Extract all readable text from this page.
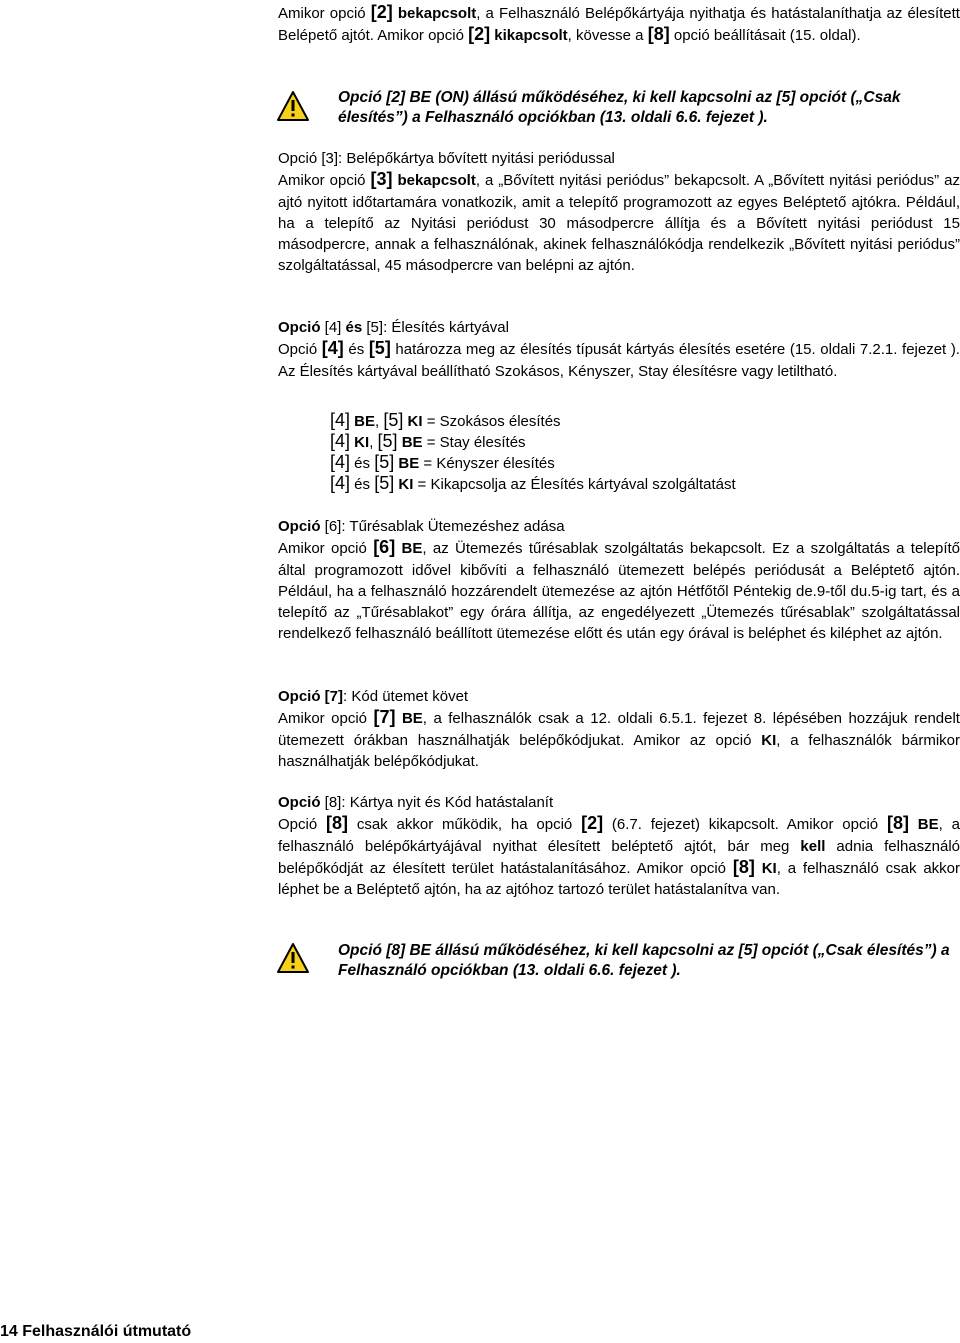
Amikor opció [2] bekapcsolt, a Felhasználó Belépőkártyája nyithatja és hatástalaníthatja az élesített Belépető ajtót. Amikor opció [2] kikapcsolt, kövesse a [8] opció beállításait (15. oldal).
Opció [2] BE (ON) állású működéséhez, ki kell kapcsolni az [5] opciót („Csak élesítés”) a Felhasználó opciókban (13. oldali 6.6. fejezet ).
Opció [3]: Belépőkártya bővített nyitási periódussal
Amikor opció [3] bekapcsolt, a „Bővített nyitási periódus” bekapcsolt. A „Bővített nyitási periódus” az ajtó nyitott időtartamára vonatkozik, amit a telepítő programozott az egyes Beléptető ajtókra. Például, ha a telepítő az Nyitási periódust 30 másodpercre állítja és a Bővített nyitási periódust 15 másodpercre, annak a felhasználónak, akinek felhasználókódja rendelkezik „Bővített nyitási periódus” szolgáltatással, 45 másodpercre van belépni az ajtón.
Opció [4] és [5]: Élesítés kártyával
Opció [4] és [5] határozza meg az élesítés típusát kártyás élesítés esetére (15. oldali 7.2.1. fejezet ). Az Élesítés kártyával beállítható Szokásos, Kényszer, Stay élesítésre vagy letiltható.
[4] BE, [5] KI = Szokásos élesítés
[4] KI, [5] BE = Stay élesítés
[4] és [5] BE = Kényszer élesítés
[4] és [5] KI = Kikapcsolja az Élesítés kártyával szolgáltatást
Opció [6]: Tűrésablak Ütemezéshez adása
Amikor opció [6] BE, az Ütemezés tűrésablak szolgáltatás bekapcsolt. Ez a szolgáltatás a telepítő által programozott idővel kibővíti a felhasználó ütemezett belépés periódusát a Beléptető ajtón. Például, ha a felhasználó hozzárendelt ütemezése az ajtón Hétfőtől Péntekig de.9-től du.5-ig tart, és a telepítő az „Tűrésablakot” egy órára állítja, az engedélyezett „Ütemezés tűrésablak” szolgáltatással rendelkező felhasználó beállított ütemezése előtt és után egy órával is beléphet és kiléphet az ajtón.
Opció [7]: Kód ütemet követ
Amikor opció [7] BE, a felhasználók csak a 12. oldali 6.5.1. fejezet 8. lépésében hozzájuk rendelt ütemezett órákban használhatják belépőkódjukat. Amikor az opció KI, a felhasználók bármikor használhatják belépőkódjukat.
Opció [8]: Kártya nyit és Kód hatástalanít
Opció [8] csak akkor működik, ha opció [2] (6.7. fejezet) kikapcsolt. Amikor opció [8] BE, a felhasználó belépőkártyájával nyithat élesített beléptető ajtót, bár meg kell adnia felhasználó belépőkódját az élesített terület hatástalanításához. Amikor opció [8] KI, a felhasználó csak akkor léphet be a Beléptető ajtón, ha az ajtóhoz tartozó terület hatástalanítva van.
Opció [8] BE állású működéséhez, ki kell kapcsolni az [5] opciót („Csak élesítés”) a Felhasználó opciókban (13. oldali 6.6. fejezet ).
14 Felhasználói útmutató
